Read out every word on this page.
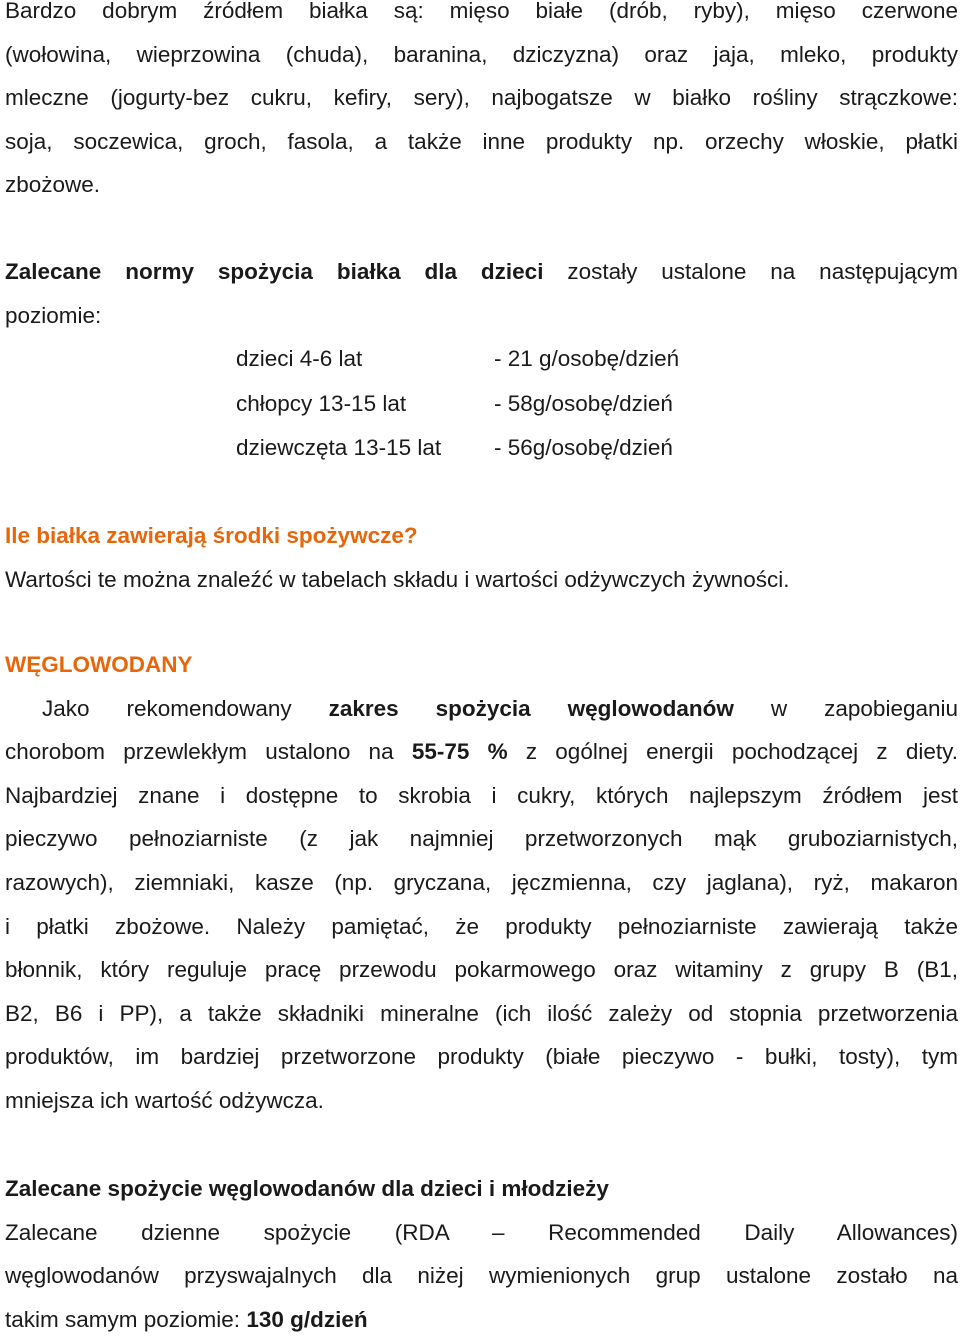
Bardzo dobrym źródłem białka są: mięso białe (drób, ryby), mięso czerwone
(wołowina, wieprzowina (chuda), baranina, dziczyzna) oraz jaja, mleko, produkty
mleczne (jogurty-bez cukru, kefiry, sery), najbogatsze w białko rośliny strączkowe:
soja, soczewica, groch, fasola, a także inne produkty np. orzechy włoskie, płatki
zbożowe.
Zalecane normy spożycia białka dla dzieci zostały ustalone na następującym
poziomie:
dzieci 4-6 lat	- 21 g/osobę/dzień
chłopcy 13-15 lat	- 58g/osobę/dzień
dziewczęta 13-15 lat	- 56g/osobę/dzień
Ile białka zawierają środki spożywcze?
Wartości te można znaleźć w tabelach składu i wartości odżywczych żywności.
WĘGLOWODANY
Jako rekomendowany zakres spożycia węglowodanów w zapobieganiu
chorobom przewlekłym ustalono na 55-75 % z ogólnej energii pochodzącej z diety.
Najbardziej znane i dostępne to skrobia i cukry, których najlepszym źródłem jest
pieczywo pełnoziarniste (z jak najmniej przetworzonych mąk gruboziarnistych,
razowych), ziemniaki, kasze (np. gryczana, jęczmienna, czy jaglana), ryż, makaron
i płatki zbożowe. Należy pamiętać, że produkty pełnoziarniste zawierają także
błonnik, który reguluje pracę przewodu pokarmowego oraz witaminy z grupy B (B1,
B2, B6 i PP), a także składniki mineralne (ich ilość zależy od stopnia przetworzenia
produktów, im bardziej przetworzone produkty (białe pieczywo - bułki, tosty), tym
mniejsza ich wartość odżywcza.
Zalecane spożycie węglowodanów dla dzieci i młodzieży
Zalecane dzienne spożycie (RDA – Recommended Daily Allowances)
węglowodanów przyswajalnych dla niżej wymienionych grup ustalone zostało na
takim samym poziomie: 130 g/dzień
